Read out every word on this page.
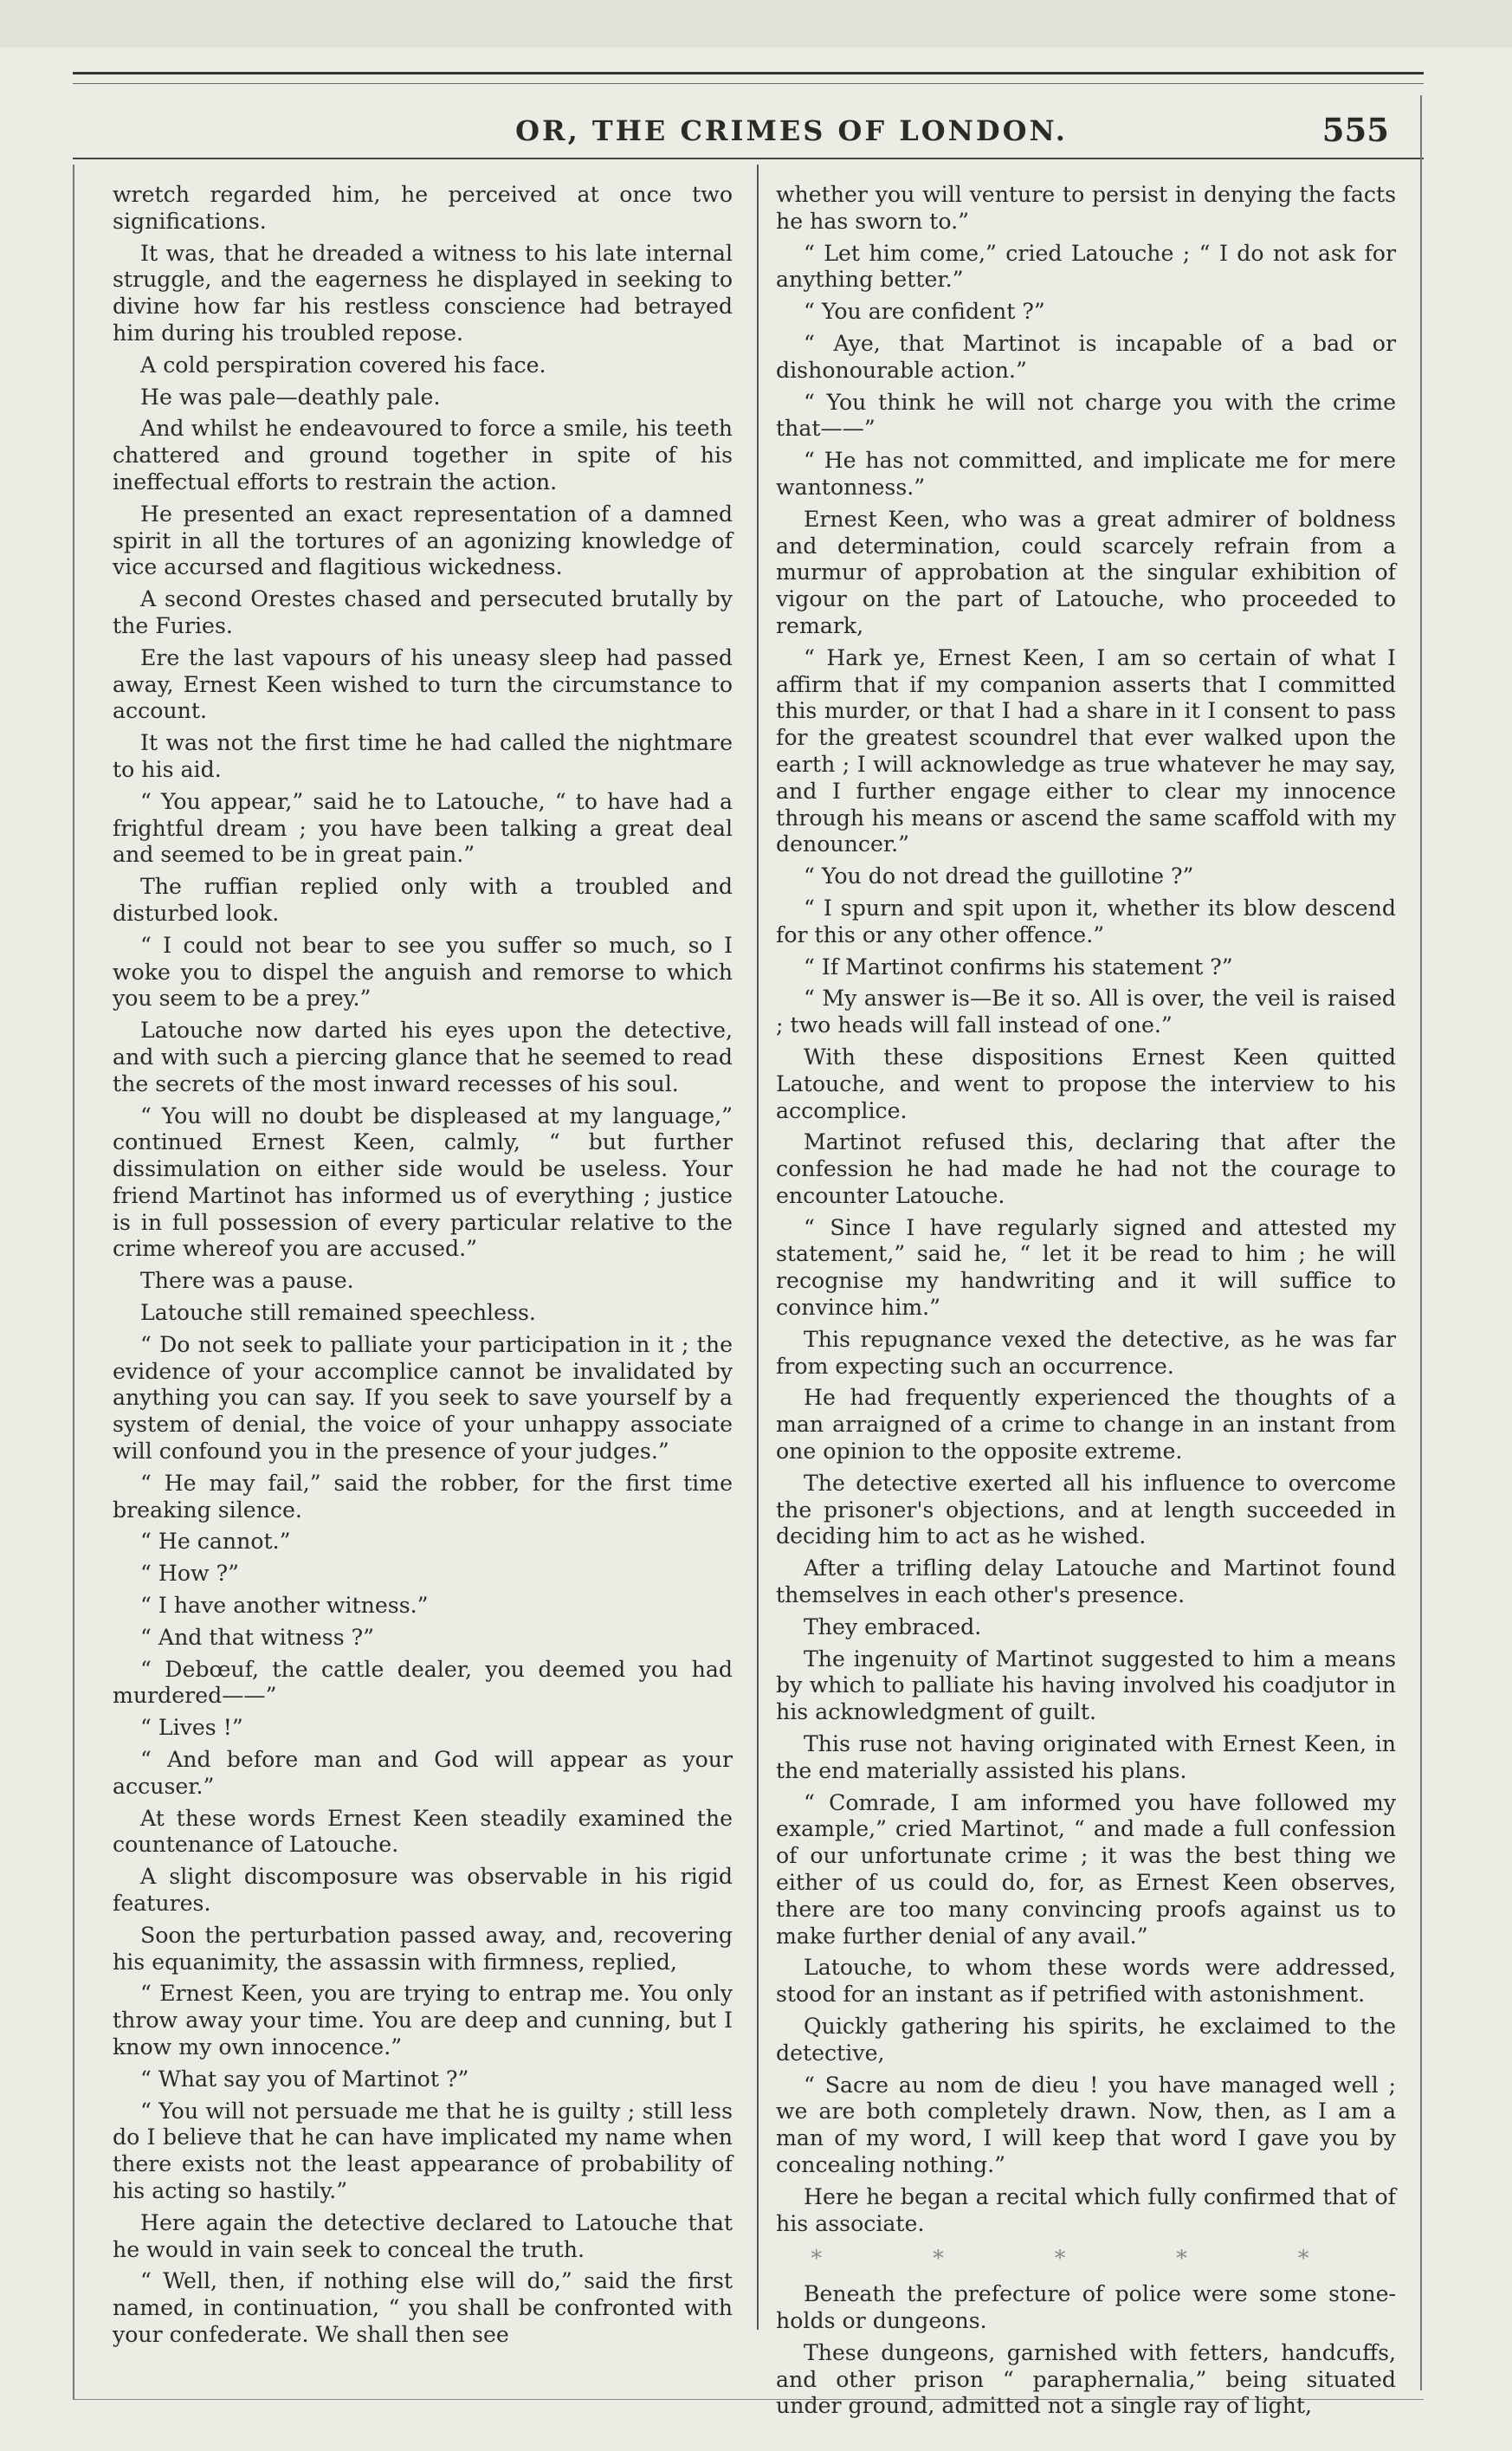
OR, THE CRIMES OF LONDON.	555

wretch regarded him, he perceived at once two significations.

It was, that he dreaded a witness to his late internal struggle, and the eagerness he displayed in seeking to divine how far his restless conscience had betrayed him during his troubled repose.

A cold perspiration covered his face.

He was pale—deathly pale.

And whilst he endeavoured to force a smile, his teeth chattered and ground together in spite of his ineffectual efforts to restrain the action.

He presented an exact representation of a damned spirit in all the tortures of an agonizing knowledge of vice accursed and flagitious wickedness.

A second Orestes chased and persecuted brutally by the Furies.

Ere the last vapours of his uneasy sleep had passed away, Ernest Keen wished to turn the circumstance to account.

It was not the first time he had called the nightmare to his aid.

“ You appear,” said he to Latouche, “ to have had a frightful dream ; you have been talking a great deal and seemed to be in great pain.”

The ruffian replied only with a troubled and disturbed look.

“ I could not bear to see you suffer so much, so I woke you to dispel the anguish and remorse to which you seem to be a prey.”

Latouche now darted his eyes upon the detective, and with such a piercing glance that he seemed to read the secrets of the most inward recesses of his soul.

“ You will no doubt be displeased at my language,” continued Ernest Keen, calmly, “ but further dissimulation on either side would be useless. Your friend Martinot has informed us of everything ; justice is in full possession of every particular relative to the crime whereof you are accused.”

There was a pause.

Latouche still remained speechless.

“ Do not seek to palliate your participation in it ; the evidence of your accomplice cannot be invalidated by anything you can say. If you seek to save yourself by a system of denial, the voice of your unhappy associate will confound you in the presence of your judges.”

“ He may fail,” said the robber, for the first time breaking silence.

“ He cannot.”

“ How ?”

“ I have another witness.”

“ And that witness ?”

“ Debœuf, the cattle dealer, you deemed you had murdered——”

“ Lives !”

“ And before man and God will appear as your accuser.”

At these words Ernest Keen steadily examined the countenance of Latouche.

A slight discomposure was observable in his rigid features.

Soon the perturbation passed away, and, recovering his equanimity, the assassin with firmness, replied,

“ Ernest Keen, you are trying to entrap me. You only throw away your time. You are deep and cunning, but I know my own innocence.”

“ What say you of Martinot ?”

“ You will not persuade me that he is guilty ; still less do I believe that he can have implicated my name when there exists not the least appearance of probability of his acting so hastily.”

Here again the detective declared to Latouche that he would in vain seek to conceal the truth.

“ Well, then, if nothing else will do,” said the first named, in continuation, “ you shall be confronted with your confederate. We shall then see

whether you will venture to persist in denying the facts he has sworn to.”

“ Let him come,” cried Latouche ; “ I do not ask for anything better.”

“ You are confident ?”

“ Aye, that Martinot is incapable of a bad or dishonourable action.”

“ You think he will not charge you with the crime that——”

“ He has not committed, and implicate me for mere wantonness.”

Ernest Keen, who was a great admirer of boldness and determination, could scarcely refrain from a murmur of approbation at the singular exhibition of vigour on the part of Latouche, who proceeded to remark,

“ Hark ye, Ernest Keen, I am so certain of what I affirm that if my companion asserts that I committed this murder, or that I had a share in it I consent to pass for the greatest scoundrel that ever walked upon the earth ; I will acknowledge as true whatever he may say, and I further engage either to clear my innocence through his means or ascend the same scaffold with my denouncer.”

“ You do not dread the guillotine ?”

“ I spurn and spit upon it, whether its blow descend for this or any other offence.”

“ If Martinot confirms his statement ?”

“ My answer is—Be it so. All is over, the veil is raised ; two heads will fall instead of one.”

With these dispositions Ernest Keen quitted Latouche, and went to propose the interview to his accomplice.

Martinot refused this, declaring that after the confession he had made he had not the courage to encounter Latouche.

“ Since I have regularly signed and attested my statement,” said he, “ let it be read to him ; he will recognise my handwriting and it will suffice to convince him.”

This repugnance vexed the detective, as he was far from expecting such an occurrence.

He had frequently experienced the thoughts of a man arraigned of a crime to change in an instant from one opinion to the opposite extreme.

The detective exerted all his influence to overcome the prisoner's objections, and at length succeeded in deciding him to act as he wished.

After a trifling delay Latouche and Martinot found themselves in each other's presence.

They embraced.

The ingenuity of Martinot suggested to him a means by which to palliate his having involved his coadjutor in his acknowledgment of guilt.

This ruse not having originated with Ernest Keen, in the end materially assisted his plans.

“ Comrade, I am informed you have followed my example,” cried Martinot, “ and made a full confession of our unfortunate crime ; it was the best thing we either of us could do, for, as Ernest Keen observes, there are too many convincing proofs against us to make further denial of any avail.”

Latouche, to whom these words were addressed, stood for an instant as if petrified with astonishment.

Quickly gathering his spirits, he exclaimed to the detective,

“ Sacre au nom de dieu ! you have managed well ; we are both completely drawn. Now, then, as I am a man of my word, I will keep that word I gave you by concealing nothing.”

Here he began a recital which fully confirmed that of his associate.

* * * * *

Beneath the prefecture of police were some stone-holds or dungeons.

These dungeons, garnished with fetters, handcuffs, and other prison “ paraphernalia,” being situated under ground, admitted not a single ray of light,
